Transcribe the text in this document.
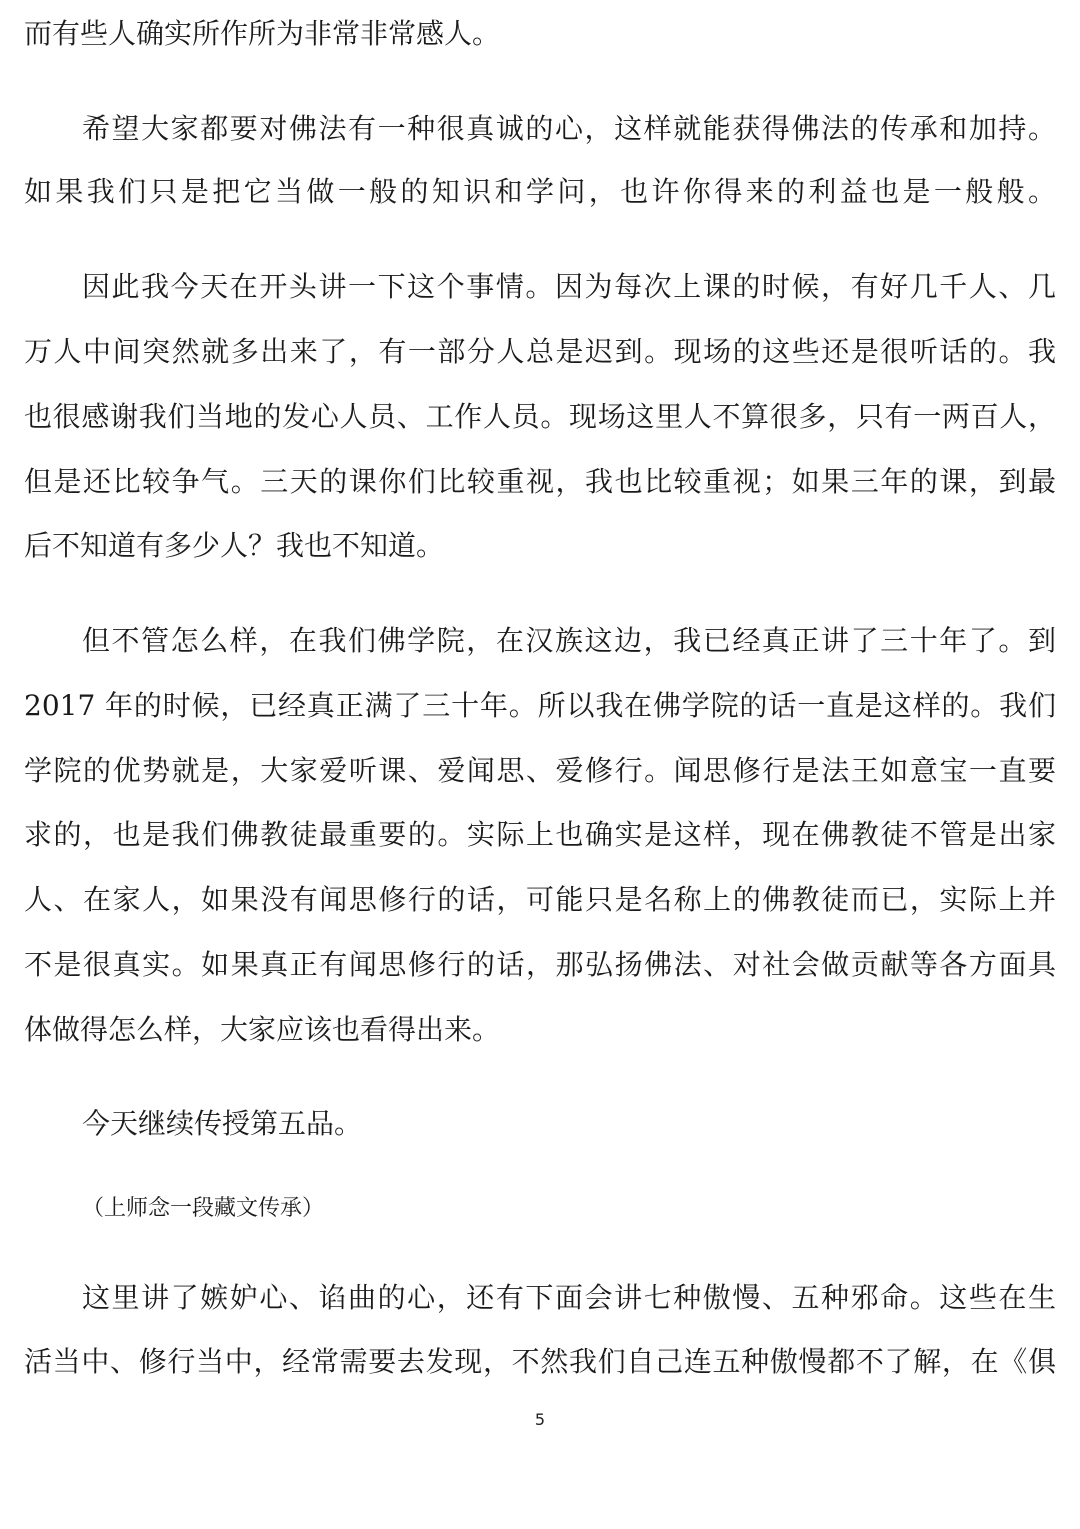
而有些人确实所作所为非常非常感人。
希望大家都要对佛法有一种很真诚的心，这样就能获得佛法的传承和加持。
如果我们只是把它当做一般的知识和学问，也许你得来的利益也是一般般。
因此我今天在开头讲一下这个事情。因为每次上课的时候，有好几千人、几
万人中间突然就多出来了，有一部分人总是迟到。现场的这些还是很听话的。我
也很感谢我们当地的发心人员、工作人员。现场这里人不算很多，只有一两百人，
但是还比较争气。三天的课你们比较重视，我也比较重视；如果三年的课，到最
后不知道有多少人？我也不知道。
但不管怎么样，在我们佛学院，在汉族这边，我已经真正讲了三十年了。到
2017 年的时候，已经真正满了三十年。所以我在佛学院的话一直是这样的。我们
学院的优势就是，大家爱听课、爱闻思、爱修行。闻思修行是法王如意宝一直要
求的，也是我们佛教徒最重要的。实际上也确实是这样，现在佛教徒不管是出家
人、在家人，如果没有闻思修行的话，可能只是名称上的佛教徒而已，实际上并
不是很真实。如果真正有闻思修行的话，那弘扬佛法、对社会做贡献等各方面具
体做得怎么样，大家应该也看得出来。
今天继续传授第五品。
（上师念一段藏文传承）
这里讲了嫉妒心、谄曲的心，还有下面会讲七种傲慢、五种邪命。这些在生
活当中、修行当中，经常需要去发现，不然我们自己连五种傲慢都不了解，在《俱
5
